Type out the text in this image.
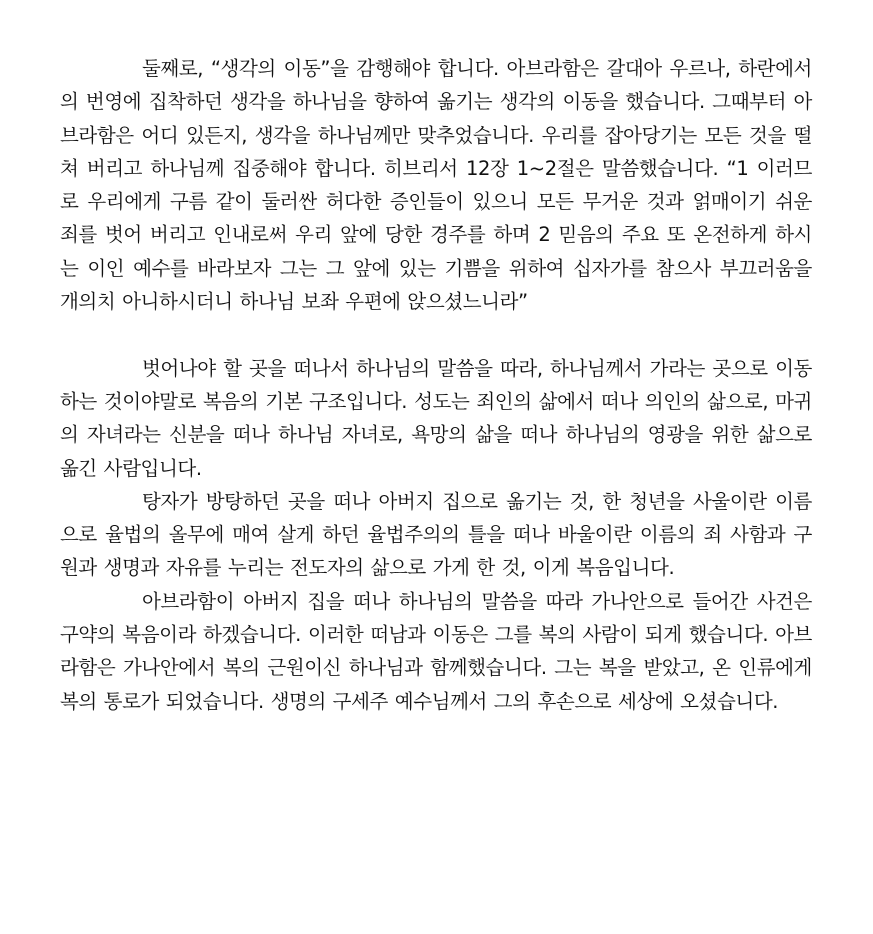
둘째로, “생각의 이동”을 감행해야 합니다. 아브라함은 갈대아 우르나, 하란에서의 번영에 집착하던 생각을 하나님을 향하여 옮기는 생각의 이동을 했습니다. 그때부터 아브라함은 어디 있든지, 생각을 하나님께만 맞추었습니다. 우리를 잡아당기는 모든 것을 떨쳐 버리고 하나님께 집중해야 합니다. 히브리서 12장 1~2절은 말씀했습니다. “1 이러므로 우리에게 구름 같이 둘러싼 허다한 증인들이 있으니 모든 무거운 것과 얽매이기 쉬운 죄를 벗어 버리고 인내로써 우리 앞에 당한 경주를 하며 2 믿음의 주요 또 온전하게 하시는 이인 예수를 바라보자 그는 그 앞에 있는 기쁨을 위하여 십자가를 참으사 부끄러움을 개의치 아니하시더니 하나님 보좌 우편에 앉으셨느니라”

벗어나야 할 곳을 떠나서 하나님의 말씀을 따라, 하나님께서 가라는 곳으로 이동하는 것이야말로 복음의 기본 구조입니다. 성도는 죄인의 삶에서 떠나 의인의 삶으로, 마귀의 자녀라는 신분을 떠나 하나님 자녀로, 욕망의 삶을 떠나 하나님의 영광을 위한 삶으로 옮긴 사람입니다.

탕자가 방탕하던 곳을 떠나 아버지 집으로 옮기는 것, 한 청년을 사울이란 이름으로 율법의 올무에 매여 살게 하던 율법주의의 틀을 떠나 바울이란 이름의 죄 사함과 구원과 생명과 자유를 누리는 전도자의 삶으로 가게 한 것, 이게 복음입니다.

아브라함이 아버지 집을 떠나 하나님의 말씀을 따라 가나안으로 들어간 사건은 구약의 복음이라 하겠습니다. 이러한 떠남과 이동은 그를 복의 사람이 되게 했습니다. 아브라함은 가나안에서 복의 근원이신 하나님과 함께했습니다. 그는 복을 받았고, 온 인류에게 복의 통로가 되었습니다. 생명의 구세주 예수님께서 그의 후손으로 세상에 오셨습니다.
